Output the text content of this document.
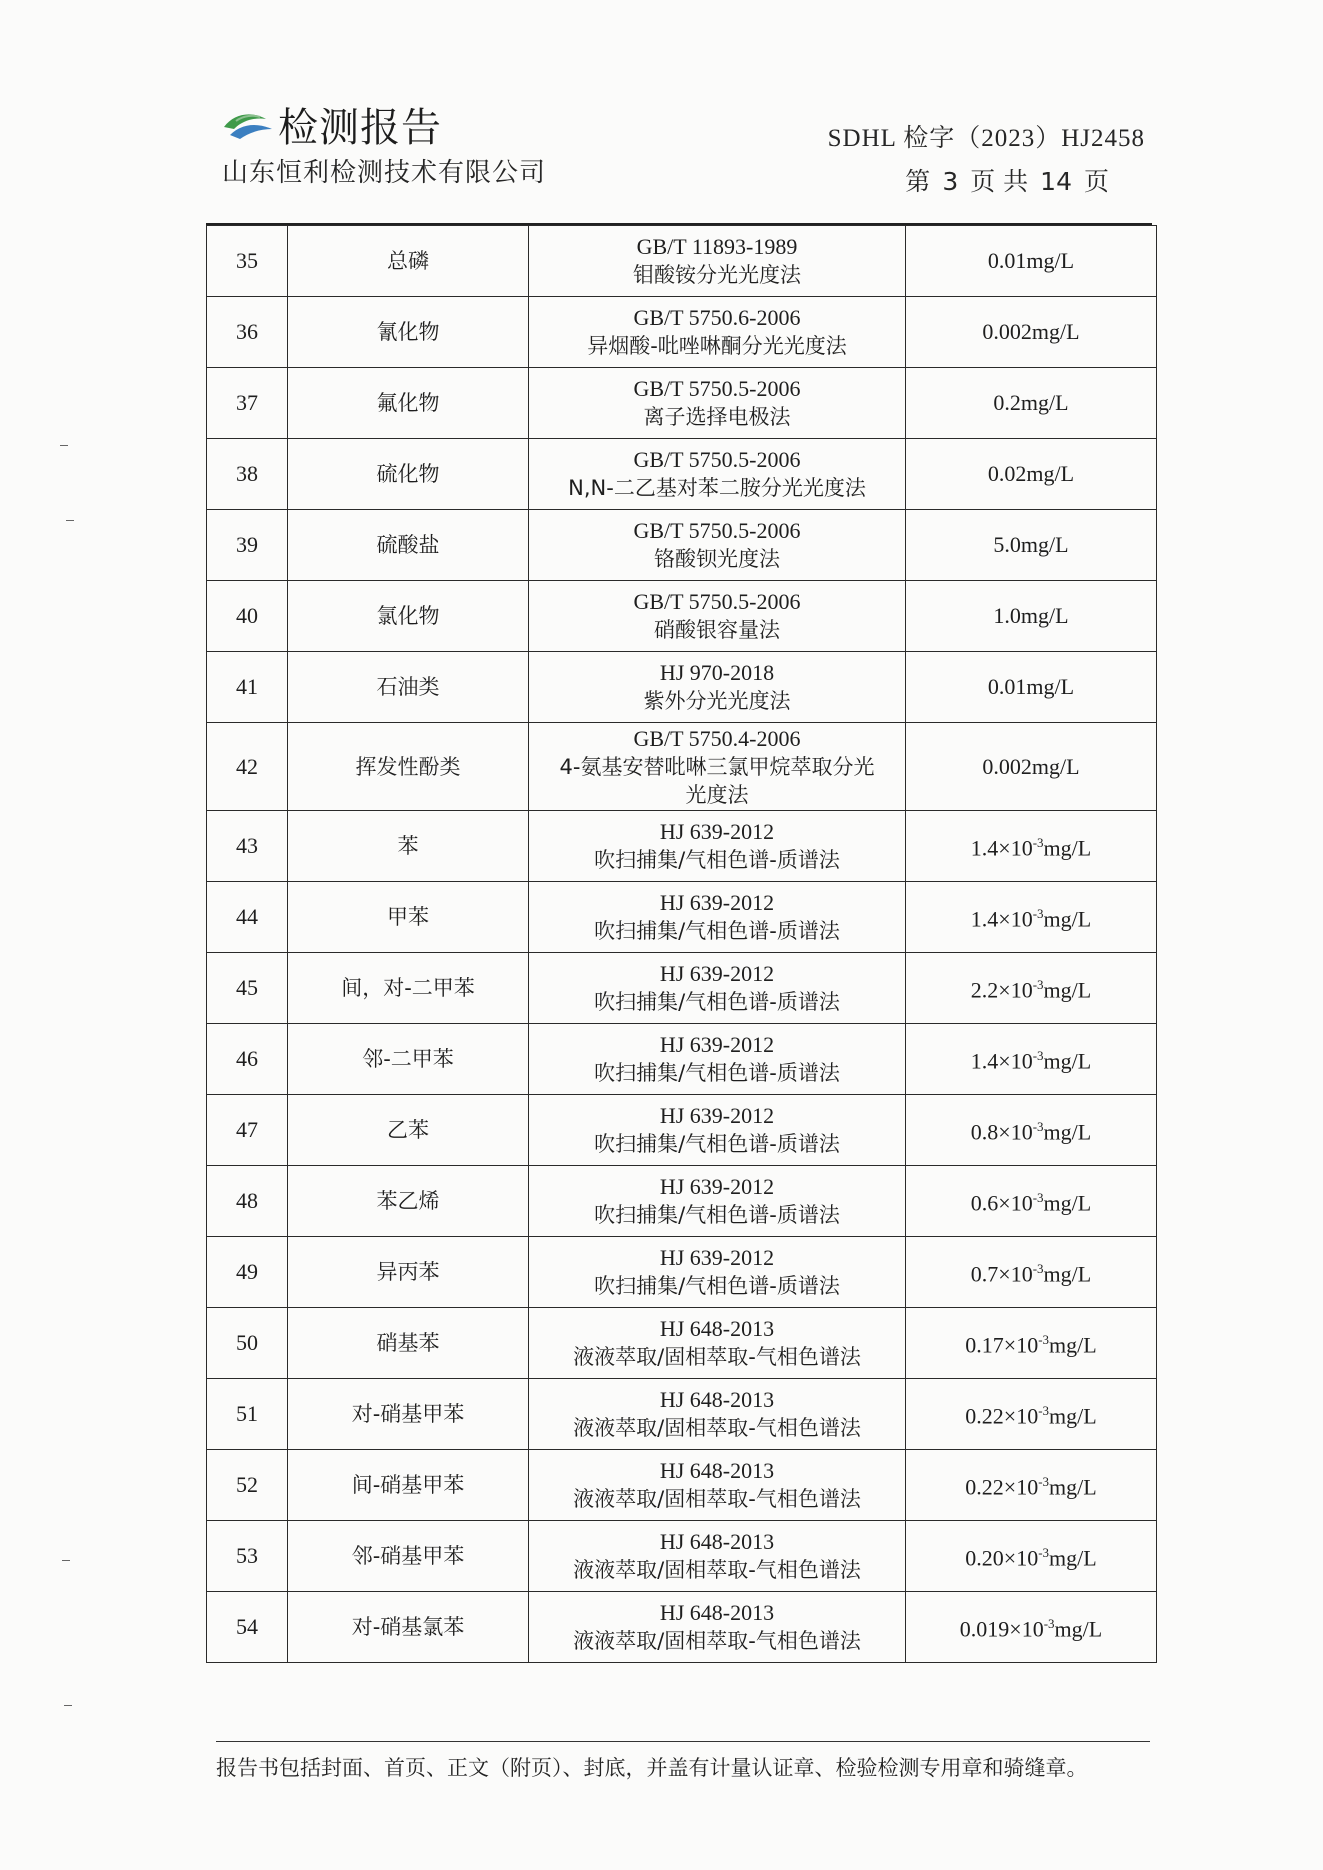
检测报告
山东恒利检测技术有限公司
SDHL 检字（2023）HJ2458
第 3 页 共 14 页
35	总磷	GB/T 11893-1989
钼酸铵分光光度法	0.01mg/L
36	氰化物	GB/T 5750.6-2006
异烟酸-吡唑啉酮分光光度法	0.002mg/L
37	氟化物	GB/T 5750.5-2006
离子选择电极法	0.2mg/L
38	硫化物	GB/T 5750.5-2006
N,N-二乙基对苯二胺分光光度法	0.02mg/L
39	硫酸盐	GB/T 5750.5-2006
铬酸钡光度法	5.0mg/L
40	氯化物	GB/T 5750.5-2006
硝酸银容量法	1.0mg/L
41	石油类	HJ 970-2018
紫外分光光度法	0.01mg/L
42	挥发性酚类	GB/T 5750.4-2006
4-氨基安替吡啉三氯甲烷萃取分光光度法	0.002mg/L
43	苯	HJ 639-2012
吹扫捕集/气相色谱-质谱法	$1.4\times 10^{-3}mg/L$
44	甲苯	HJ 639-2012
吹扫捕集/气相色谱-质谱法	$1.4\times 10^{-3}mg/L$
45	间，对-二甲苯	HJ 639-2012
吹扫捕集/气相色谱-质谱法	$2.2\times 10^{-3}mg/L$
46	邻-二甲苯	HJ 639-2012
吹扫捕集/气相色谱-质谱法	$1.4\times 10^{-3}mg/L$
47	乙苯	HJ 639-2012
吹扫捕集/气相色谱-质谱法	$0.8\times 10^{-3}mg/L$
48	苯乙烯	HJ 639-2012
吹扫捕集/气相色谱-质谱法	$0.6\times 10^{-3}mg/L$
49	异丙苯	HJ 639-2012
吹扫捕集/气相色谱-质谱法	$0.7\times 10^{-3}mg/L$
50	硝基苯	HJ 648-2013
液液萃取/固相萃取-气相色谱法	$0.17\times 10^{-3}mg/L$
51	对-硝基甲苯	HJ 648-2013
液液萃取/固相萃取-气相色谱法	$0.22\times 10^{-3}mg/L$
52	间-硝基甲苯	HJ 648-2013
液液萃取/固相萃取-气相色谱法	$0.22\times 10^{-3}mg/L$
53	邻-硝基甲苯	HJ 648-2013
液液萃取/固相萃取-气相色谱法	$0.20\times 10^{-3}mg/L$
54	对-硝基氯苯	HJ 648-2013
液液萃取/固相萃取-气相色谱法	$0.019\times 10^{-3}mg/L$
报告书包括封面、首页、正文（附页）、封底，并盖有计量认证章、检验检测专用章和骑缝章。
